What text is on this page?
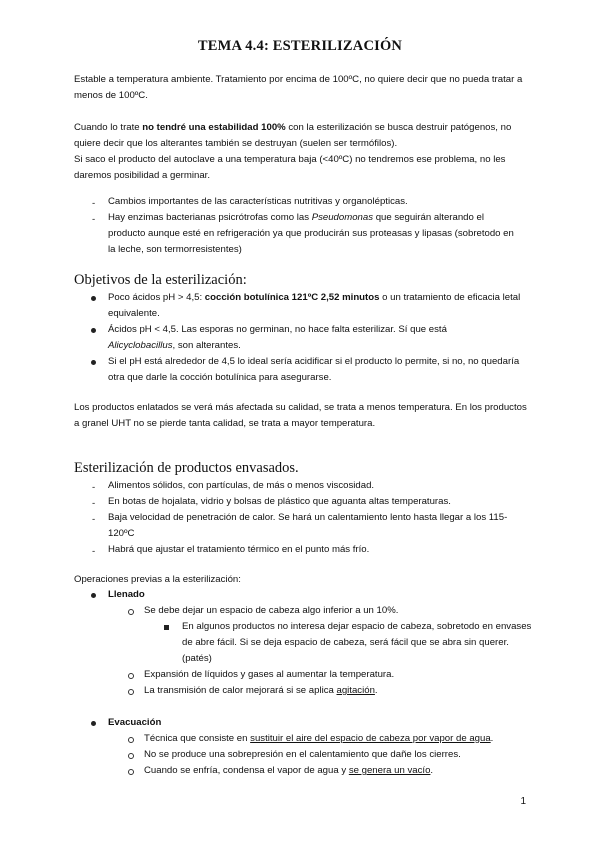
TEMA 4.4: ESTERILIZACIÓN
Estable a temperatura ambiente. Tratamiento por encima de 100ºC, no quiere decir que no pueda tratar a menos de 100ºC.
Cuando lo trate no tendré una estabilidad 100% con la esterilización se busca destruir patógenos, no quiere decir que los alterantes también se destruyan (suelen ser termófilos).
Si saco el producto del autoclave a una temperatura baja (<40ºC) no tendremos ese problema, no les daremos posibilidad a germinar.
- Cambios importantes de las características nutritivas y organolépticas.
- Hay enzimas bacterianas psicrótrofas como las Pseudomonas que seguirán alterando el producto aunque esté en refrigeración ya que producirán sus proteasas y lipasas (sobretodo en la leche, son termorresistentes)
Objetivos de la esterilización:
Poco ácidos pH > 4,5: cocción botulínica 121ºC 2,52 minutos o un tratamiento de eficacia letal equivalente.
Ácidos pH < 4,5. Las esporas no germinan, no hace falta esterilizar. Sí que está Alicyclobacillus, son alterantes.
Si el pH está alrededor de 4,5 lo ideal sería acidificar si el producto lo permite, si no, no quedaría otra que darle la cocción botulínica para asegurarse.
Los productos enlatados se verá más afectada su calidad, se trata a menos temperatura. En los productos a granel UHT no se pierde tanta calidad, se trata a mayor temperatura.
Esterilización de productos envasados.
- Alimentos sólidos, con partículas, de más o menos viscosidad.
- En botas de hojalata, vidrio y bolsas de plástico que aguanta altas temperaturas.
- Baja velocidad de penetración de calor. Se hará un calentamiento lento hasta llegar a los 115-120ºC
- Habrá que ajustar el tratamiento térmico en el punto más frío.
Operaciones previas a la esterilización:
Llenado
Se debe dejar un espacio de cabeza algo inferior a un 10%.
En algunos productos no interesa dejar espacio de cabeza, sobretodo en envases de abre fácil. Si se deja espacio de cabeza, será fácil que se abra sin querer. (patés)
Expansión de líquidos y gases al aumentar la temperatura.
La transmisión de calor mejorará si se aplica agitación.
Evacuación
Técnica que consiste en sustituir el aire del espacio de cabeza por vapor de agua.
No se produce una sobrepresión en el calentamiento que dañe los cierres.
Cuando se enfría, condensa el vapor de agua y se genera un vacío.
1
